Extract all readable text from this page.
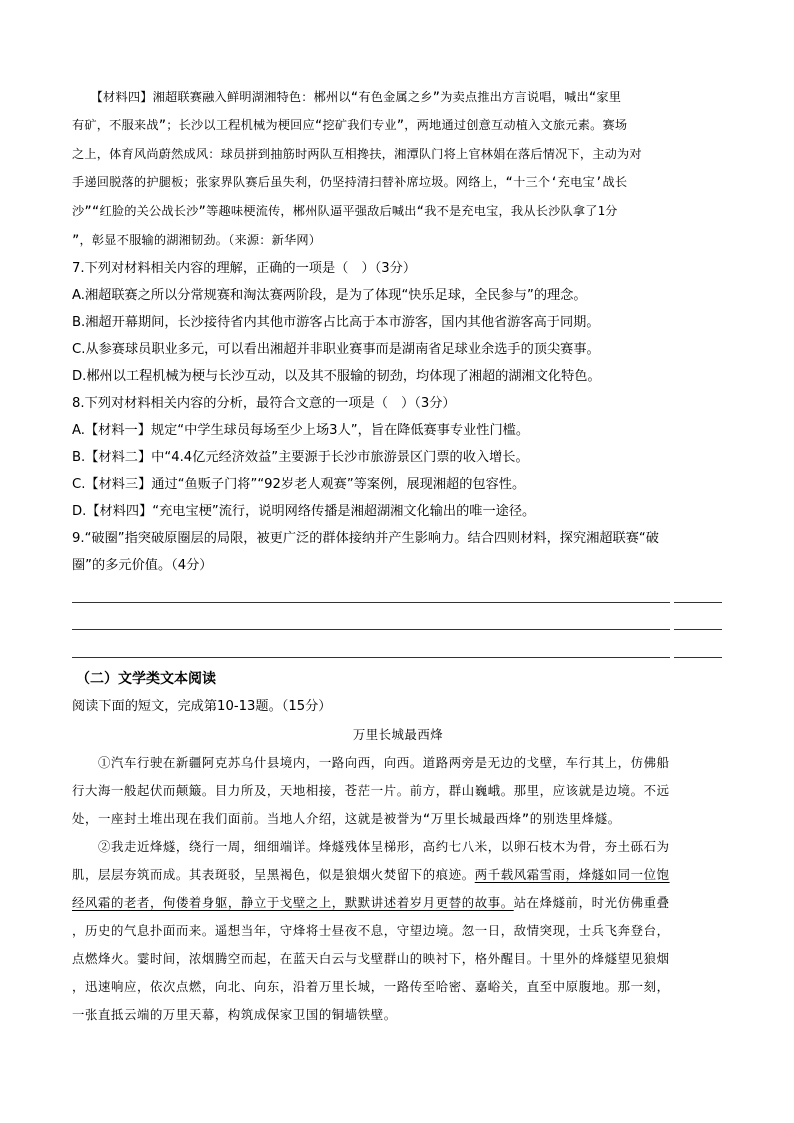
　　【材料四】湘超联赛融入鲜明湖湘特色：郴州以“有色金属之乡”为卖点推出方言说唱，喊出“家里
有矿，不服来战”；长沙以工程机械为梗回应“挖矿我们专业”，两地通过创意互动植入文旅元素。赛场
之上，体育风尚蔚然成风：球员拼到抽筋时两队互相搀扶，湘潭队门将上官林娟在落后情况下，主动为对
手递回脱落的护腿板；张家界队赛后虽失利，仍坚持清扫替补席垃圾。网络上，“十三个‘充电宝’战长
沙”“红脸的关公战长沙”等趣味梗流传，郴州队逼平强敌后喊出“我不是充电宝，我从长沙队拿了1分
”，彰显不服输的湖湘韧劲。（来源：新华网）
7.下列对材料相关内容的理解，正确的一项是（　）（3分）
A.湘超联赛之所以分常规赛和淘汰赛两阶段，是为了体现“快乐足球，全民参与”的理念。
B.湘超开幕期间，长沙接待省内其他市游客占比高于本市游客，国内其他省游客高于同期。
C.从参赛球员职业多元，可以看出湘超并非职业赛事而是湖南省足球业余选手的顶尖赛事。
D.郴州以工程机械为梗与长沙互动，以及其不服输的韧劲，均体现了湘超的湖湘文化特色。
8.下列对材料相关内容的分析，最符合文意的一项是（　）（3分）
A.【材料一】规定“中学生球员每场至少上场3人”，旨在降低赛事专业性门槛。
B.【材料二】中“4.4亿元经济效益”主要源于长沙市旅游景区门票的收入增长。
C.【材料三】通过“鱼贩子门将”“92岁老人观赛”等案例，展现湘超的包容性。
D.【材料四】“充电宝梗”流行，说明网络传播是湘超湖湘文化输出的唯一途径。
9.“破圈”指突破原圈层的局限，被更广泛的群体接纳并产生影响力。结合四则材料，探究湘超联赛“破
圈”的多元价值。（4分）
（二）文学类文本阅读
阅读下面的短文，完成第10-13题。（15分）
万里长城最西烽
　　①汽车行驶在新疆阿克苏乌什县境内，一路向西，向西。道路两旁是无边的戈壁，车行其上，仿佛船
行大海一般起伏而颠簸。目力所及，天地相接，苍茫一片。前方，群山巍峨。那里，应该就是边境。不远
处，一座封土堆出现在我们面前。当地人介绍，这就是被誉为“万里长城最西烽”的别迭里烽燧。
　　②我走近烽燧，绕行一周，细细端详。烽燧残体呈梯形，高约七八米，以卵石枝木为骨，夯土砾石为
肌，层层夯筑而成。其表斑驳，呈黑褐色，似是狼烟火焚留下的痕迹。两千载风霜雪雨，烽燧如同一位饱
经风霜的老者，佝偻着身躯，静立于戈壁之上，默默讲述着岁月更替的故事。站在烽燧前，时光仿佛重叠
，历史的气息扑面而来。遥想当年，守烽将士昼夜不息，守望边境。忽一日，敌情突现，士兵飞奔登台，
点燃烽火。霎时间，浓烟腾空而起，在蓝天白云与戈壁群山的映衬下，格外醒目。十里外的烽燧望见狼烟
，迅速响应，依次点燃，向北、向东，沿着万里长城，一路传至哈密、嘉峪关，直至中原腹地。那一刻，
一张直抵云端的万里天幕，构筑成保家卫国的铜墙铁壁。
